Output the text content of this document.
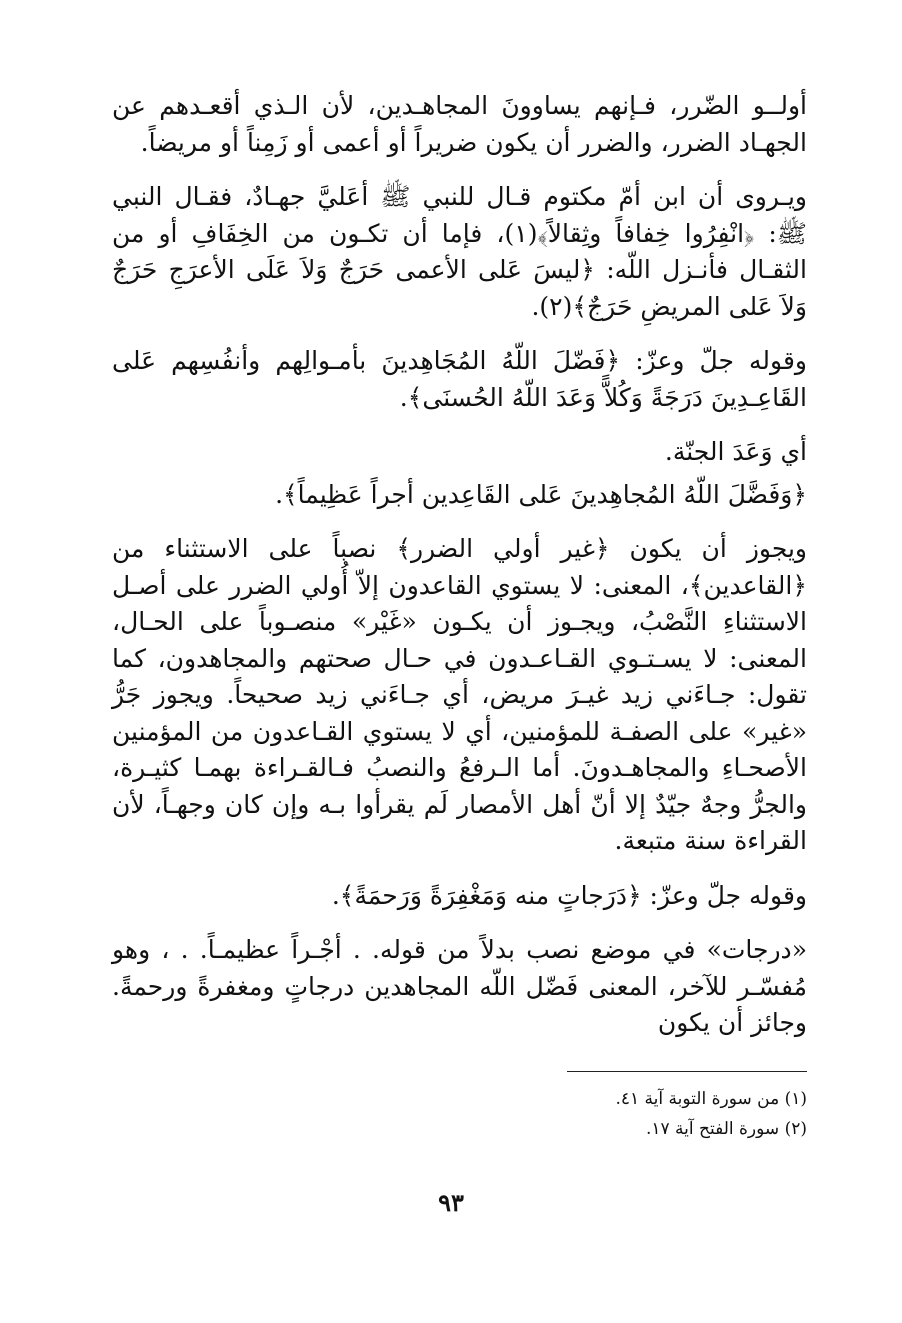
أولــو الضّرر، فـإنهم يساوونَ المجاهـدين، لأن الـذي أقعـدهم عن الجهـاد الضرر، والضرر أن يكون ضريراً أو أعمى أو زَمِناً أو مريضاً.

ويـروى أن ابن أمّ مكتوم قـال للنبي ﷺ أعَليَّ جهـادٌ، فقـال النبي ﷺ: ﴿انْفِرُوا خِفافاً وثِقالاً﴾(١)، فإما أن تكـون من الخِفَافِ أو من الثقـال فأنـزل اللّه: ﴿ليسَ عَلى الأعمى حَرَجٌ وَلاَ عَلَى الأعرَجِ حَرَجٌ وَلاَ عَلى المريضِ حَرَجٌ﴾(٢).

وقوله جلّ وعزّ: ﴿فَضّلَ اللّهُ المُجَاهِدينَ بأمـوالِهم وأنفُسِهم عَلى القَاعِـدِينَ دَرَجَةً وَكُلاًّ وَعَدَ اللّهُ الحُسنَى﴾.

أي وَعَدَ الجنّة.

﴿وَفَضَّلَ اللّهُ المُجاهِدينَ عَلى القَاعِدين أجراً عَظِيماً﴾.

ويجوز أن يكون ﴿غير أولي الضرر﴾ نصباً على الاستثناء من ﴿القاعدين﴾، المعنى: لا يستوي القاعدون إلاّ أُولي الضرر على أصـل الاستثناءِ النَّصْبُ، ويجـوز أن يكـون «غَيْر» منصـوباً على الحـال، المعنى: لا يسـتـوي القـاعـدون في حـال صحتهم والمجاهدون، كما تقول: جـاءَني زيد غيـرَ مريض، أي جـاءَني زيد صحيحاً. ويجوز جَرُّ «غير» على الصفـة للمؤمنين، أي لا يستوي القـاعدون من المؤمنين الأصحـاءِ والمجاهـدونَ. أما الـرفعُ والنصبُ فـالقـراءة بهمـا كثيـرة، والجرُّ وجهٌ جيّدٌ إلا أنّ أهل الأمصار لَم يقرأوا بـه وإن كان وجهـاً، لأن القراءة سنة متبعة.

وقوله جلّ وعزّ: ﴿دَرَجاتٍ منه وَمَغْفِرَةً وَرَحمَةً﴾.

«درجات» في موضع نصب بدلاً من قوله. . أجْـراً عظيمـاً. . ، وهو مُفسّـر للآخر، المعنى فَضّل اللّه المجاهدين درجاتٍ ومغفرةً ورحمةً. وجائز أن يكون

(١) من سورة التوبة آية ٤١.
(٢) سورة الفتح آية ١٧.
٩٣
